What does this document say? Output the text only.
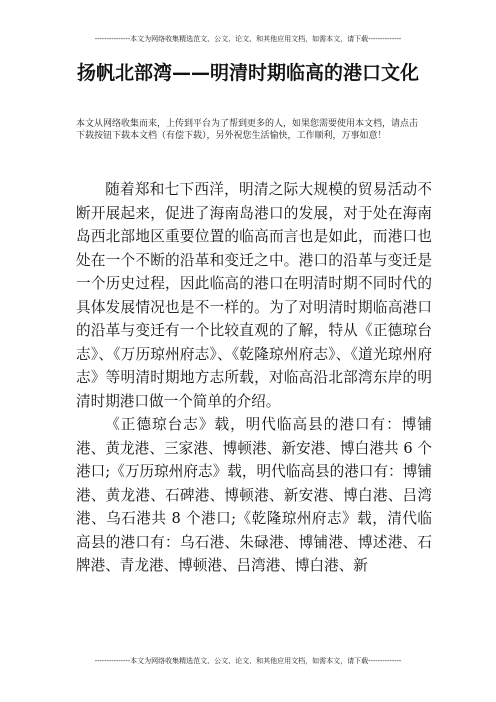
---------------本文为网络收集精选范文、公文、论文、和其他应用文档，如需本文，请下载--------------
扬帆北部湾——明清时期临高的港口文化
本文从网络收集而来，上传到平台为了帮到更多的人，如果您需要使用本文档，请点击下载按钮下载本文档（有偿下载），另外祝您生活愉快，工作顺利，万事如意！

随着郑和七下西洋，明清之际大规模的贸易活动不断开展起来，促进了海南岛港口的发展，对于处在海南岛西北部地区重要位置的临高而言也是如此，而港口也处在一个不断的沿革和变迁之中。港口的沿革与变迁是一个历史过程，因此临高的港口在明清时期不同时代的具体发展情况也是不一样的。为了对明清时期临高港口的沿革与变迁有一个比较直观的了解，特从《正德琼台志》、《万历琼州府志》、《乾隆琼州府志》、《道光琼州府志》等明清时期地方志所载，对临高沿北部湾东岸的明清时期港口做一个简单的介绍。

《正德琼台志》载，明代临高县的港口有：博铺港、黄龙港、三家港、博顿港、新安港、博白港共 6 个港口;《万历琼州府志》载，明代临高县的港口有：博铺港、黄龙港、石碑港、博顿港、新安港、博白港、吕湾港、乌石港共 8 个港口;《乾隆琼州府志》载，清代临高县的港口有：乌石港、朱碌港、博铺港、博述港、石牌港、青龙港、博顿港、吕湾港、博白港、新

---------------本文为网络收集精选范文、公文、论文、和其他应用文档，如需本文，请下载--------------
